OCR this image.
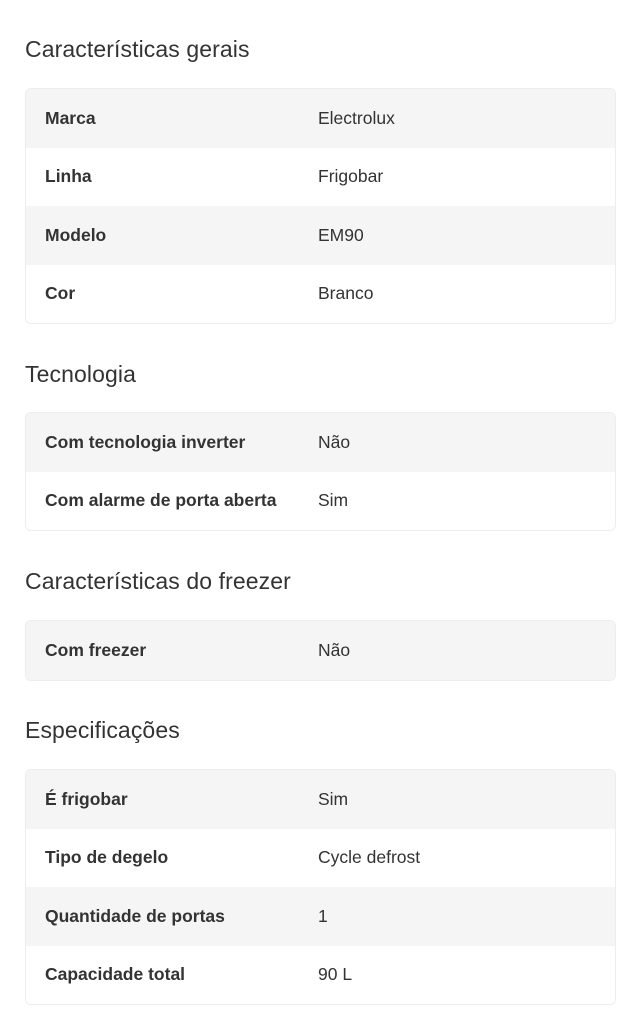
Características gerais
Marca	Electrolux
Linha	Frigobar
Modelo	EM90
Cor	Branco
Tecnologia
Com tecnologia inverter	Não
Com alarme de porta aberta	Sim
Características do freezer
Com freezer	Não
Especificações
É frigobar	Sim
Tipo de degelo	Cycle defrost
Quantidade de portas	1
Capacidade total	90 L
